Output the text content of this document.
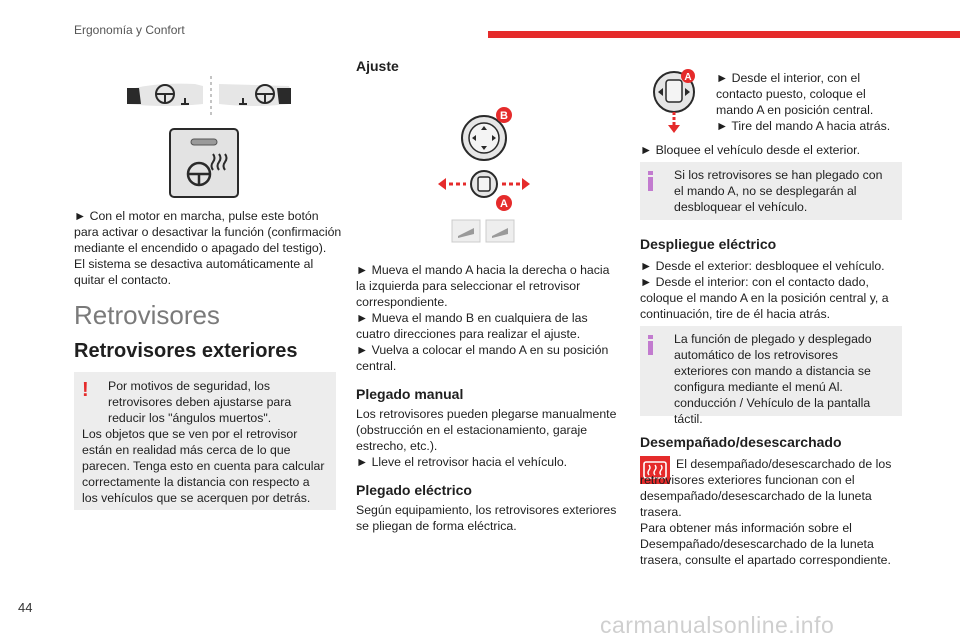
Ergonomía y Confort

► Con el motor en marcha, pulse este botón para activar o desactivar la función (confirmación mediante el encendido o apagado del testigo).

El sistema se desactiva automáticamente al quitar el contacto.

Retrovisores
Retrovisores exteriores
!	Por motivos de seguridad, los retrovisores deben ajustarse para reducir los "ángulos muertos".

Los objetos que se ven por el retrovisor están en realidad más cerca de lo que parecen. Tenga esto en cuenta para calcular correctamente la distancia con respecto a los vehículos que se acerquen por detrás.

Ajuste
B
A

► Mueva el mando A hacia la derecha o hacia la izquierda para seleccionar el retrovisor correspondiente.

► Mueva el mando B en cualquiera de las cuatro direcciones para realizar el ajuste.

► Vuelva a colocar el mando A en su posición central.

Plegado manual

Los retrovisores pueden plegarse manualmente (obstrucción en el estacionamiento, garaje estrecho, etc.).

► Lleve el retrovisor hacia el vehículo.

Plegado eléctrico

Según equipamiento, los retrovisores exteriores se pliegan de forma eléctrica.

A ► Desde el interior, con el contacto puesto, coloque el mando A en posición central.

► Tire del mando A hacia atrás.

► Bloquee el vehículo desde el exterior.

Si los retrovisores se han plegado con el mando A, no se desplegarán al desbloquear el vehículo.

Despliegue eléctrico

► Desde el exterior: desbloquee el vehículo.

► Desde el interior: con el contacto dado, coloque el mando A en la posición central y, a continuación, tire de él hacia atrás.

La función de plegado y desplegado automático de los retrovisores exteriores con mando a distancia se configura mediante el menú Al. conducción / Vehículo de la pantalla táctil.

Desempañado/desescarchado

El desempañado/desescarchado de los retrovisores exteriores funcionan con el desempañado/desescarchado de la luneta trasera.

Para obtener más información sobre el Desempañado/desescarchado de la luneta trasera, consulte el apartado correspondiente.

44
carmanualsonline.info
